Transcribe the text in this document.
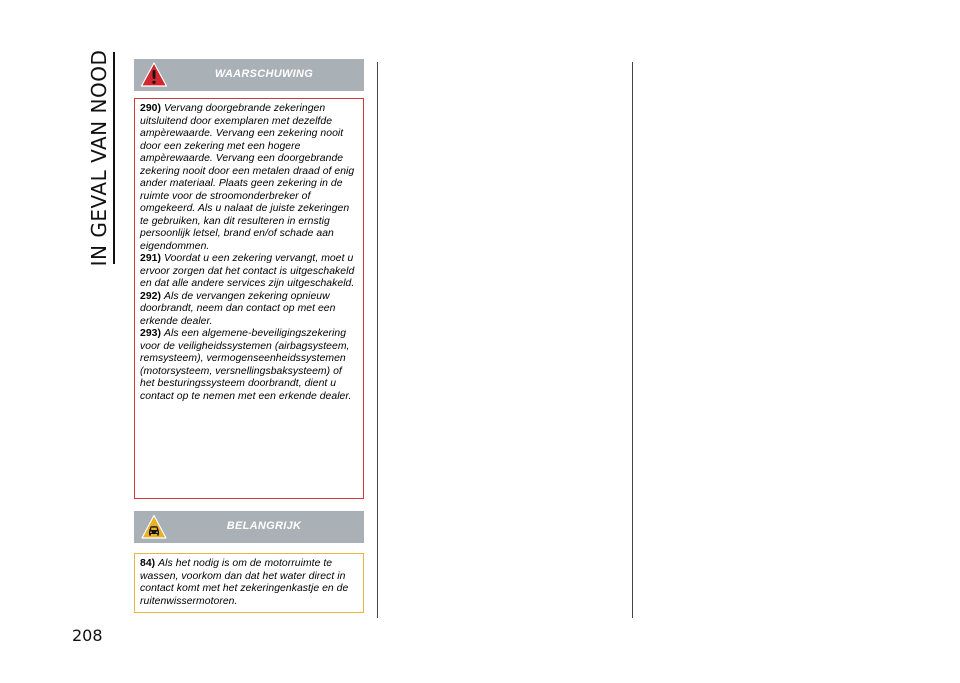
IN GEVAL VAN NOOD
208
WAARSCHUWING

290) Vervang doorgebrande zekeringen uitsluitend door exemplaren met dezelfde ampèrewaarde. Vervang een zekering nooit door een zekering met een hogere ampèrewaarde. Vervang een doorgebrande zekering nooit door een metalen draad of enig ander materiaal. Plaats geen zekering in de ruimte voor de stroomonderbreker of omgekeerd. Als u nalaat de juiste zekeringen te gebruiken, kan dit resulteren in ernstig persoonlijk letsel, brand en/of schade aan eigendommen.

291) Voordat u een zekering vervangt, moet u ervoor zorgen dat het contact is uitgeschakeld en dat alle andere services zijn uitgeschakeld.

292) Als de vervangen zekering opnieuw doorbrandt, neem dan contact op met een erkende dealer.

293) Als een algemene-beveiligingszekering voor de veiligheidssystemen (airbagsysteem, remsysteem), vermogenseenheidssystemen (motorsysteem, versnellingsbaksysteem) of het besturingssysteem doorbrandt, dient u contact op te nemen met een erkende dealer.

BELANGRIJK

84) Als het nodig is om de motorruimte te wassen, voorkom dan dat het water direct in contact komt met het zekeringenkastje en de ruitenwissermotoren.
